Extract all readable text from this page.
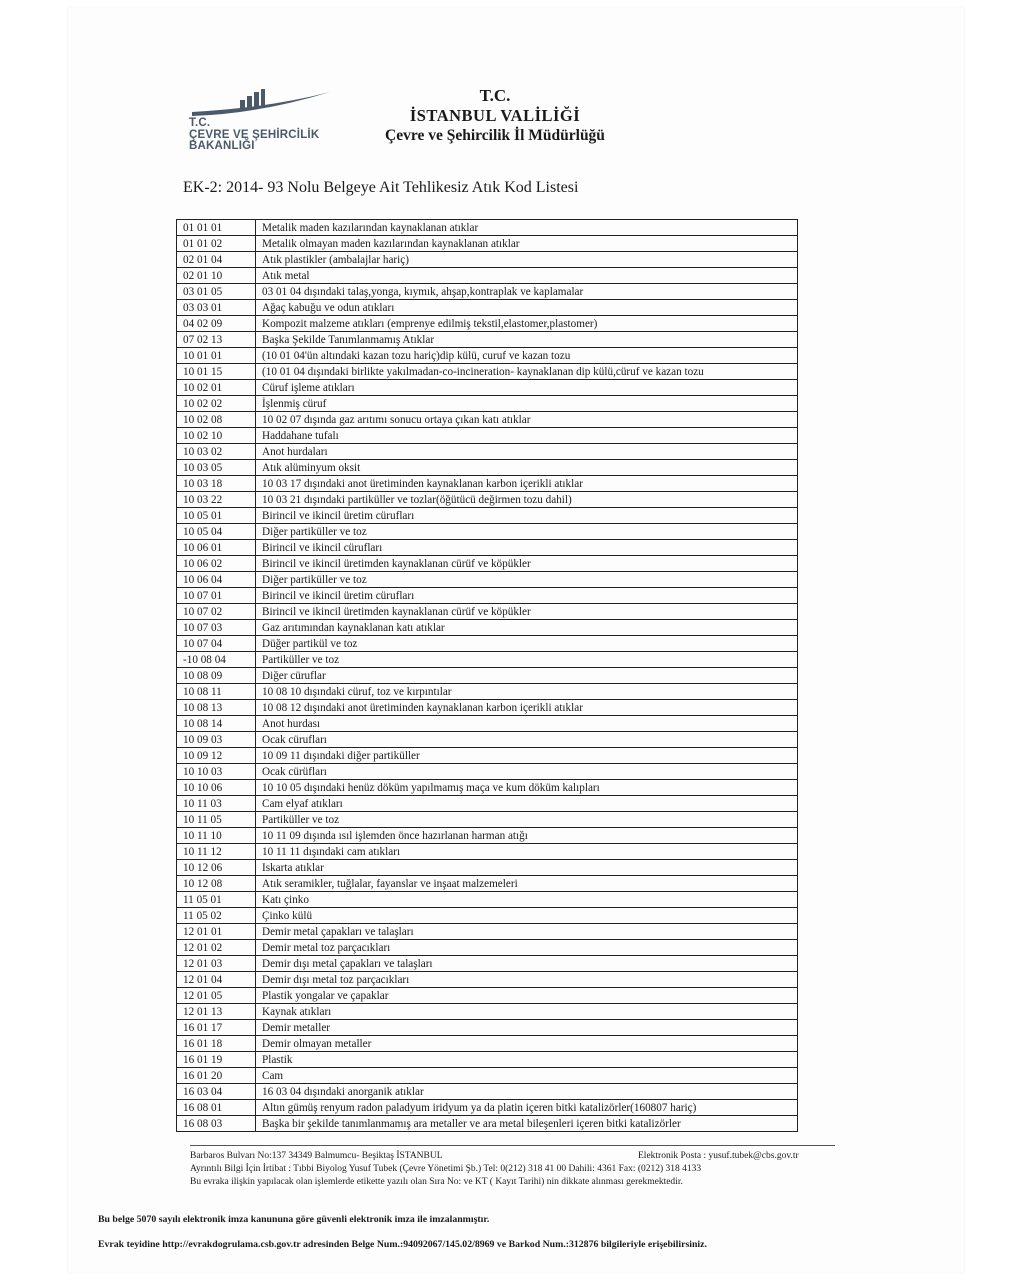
T.C.
ÇEVRE VE ŞEHİRCİLİK
BAKANLIĞI
T.C.
İSTANBUL VALİLİĞİ
Çevre ve Şehircilik İl Müdürlüğü
EK-2: 2014- 93 Nolu Belgeye Ait Tehlikesiz Atık Kod Listesi
01 01 01	Metalik maden kazılarından kaynaklanan atıklar
01 01 02	Metalik olmayan maden kazılarından kaynaklanan atıklar
02 01 04	Atık plastikler (ambalajlar hariç)
02 01 10	Atık metal
03 01 05	03 01 04 dışındaki talaş,yonga, kıymık, ahşap,kontraplak ve kaplamalar
03 03 01	Ağaç kabuğu ve odun atıkları
04 02 09	Kompozit malzeme atıkları (emprenye edilmiş tekstil,elastomer,plastomer)
07 02 13	Başka Şekilde Tanımlanmamış Atıklar
10 01 01	(10 01 04'ün altındaki kazan tozu hariç)dip külü, curuf ve kazan tozu
10 01 15	(10 01 04 dışındaki birlikte yakılmadan-co-incineration- kaynaklanan dip külü,cüruf ve kazan tozu
10 02 01	Cüruf işleme atıkları
10 02 02	İşlenmiş cüruf
10 02 08	10 02 07 dışında gaz arıtımı sonucu ortaya çıkan katı atıklar
10 02 10	Haddahane tufalı
10 03 02	Anot hurdaları
10 03 05	Atık alüminyum oksit
10 03 18	10 03 17 dışındaki anot üretiminden kaynaklanan karbon içerikli atıklar
10 03 22	10 03 21 dışındaki partiküller ve tozlar(öğütücü değirmen tozu dahil)
10 05 01	Birincil ve ikincil üretim cürufları
10 05 04	Diğer partiküller ve toz
10 06 01	Birincil ve ikincil cürufları
10 06 02	Birincil ve ikincil üretimden kaynaklanan cürüf ve köpükler
10 06 04	Diğer partiküller ve toz
10 07 01	Birincil ve ikincil üretim cürufları
10 07 02	Birincil ve ikincil üretimden kaynaklanan cürüf ve köpükler
10 07 03	Gaz arıtımından kaynaklanan katı atıklar
10 07 04	Düğer partikül ve toz
-10 08 04	Partiküller ve toz
10 08 09	Diğer cüruflar
10 08 11	10 08 10 dışındaki cüruf, toz ve kırpıntılar
10 08 13	10 08 12 dışındaki anot üretiminden kaynaklanan karbon içerikli atıklar
10 08 14	Anot hurdası
10 09 03	Ocak cürufları
10 09 12	10 09 11 dışındaki diğer partiküller
10 10 03	Ocak cürüfları
10 10 06	10 10 05 dışındaki henüz döküm yapılmamış maça ve kum döküm kalıpları
10 11 03	Cam elyaf atıkları
10 11 05	Partiküller ve toz
10 11 10	10 11 09 dışında ısıl işlemden önce hazırlanan harman atığı
10 11 12	10 11 11 dışındaki cam atıkları
10 12 06	Iskarta atıklar
10 12 08	Atık seramikler, tuğlalar, fayanslar ve inşaat malzemeleri
11 05 01	Katı çinko
11 05 02	Çinko külü
12 01 01	Demir metal çapakları ve talaşları
12 01 02	Demir metal toz parçacıkları
12 01 03	Demir dışı metal çapakları ve talaşları
12 01 04	Demir dışı metal toz parçacıkları
12 01 05	Plastik yongalar ve çapaklar
12 01 13	Kaynak atıkları
16 01 17	Demir metaller
16 01 18	Demir olmayan metaller
16 01 19	Plastik
16 01 20	Cam
16 03 04	16 03 04 dışındaki anorganik atıklar
16 08 01	Altın gümüş renyum radon paladyum iridyum ya da platin içeren bitki katalizörler(160807 hariç)
16 08 03	Başka bir şekilde tanımlanmamış ara metaller ve ara metal bileşenleri içeren bitki katalizörler
Barbaros Bulvarı No:137 34349 Balmumcu- Beşiktaş İSTANBUL	Elektronik Posta : yusuf.tubek@cbs.gov.tr
Ayrıntılı Bilgi İçin İrtibat : Tıbbi Biyolog Yusuf Tubek (Çevre Yönetimi Şb.) Tel: 0(212) 318 41 00 Dahili: 4361 Fax: (0212) 318 4133
Bu evraka ilişkin yapılacak olan işlemlerde etikette yazılı olan Sıra No: ve KT ( Kayıt Tarihi) nin dikkate alınması gerekmektedir.
Bu belge 5070 sayılı elektronik imza kanununa göre güvenli elektronik imza ile imzalanmıştır.
Evrak teyidine http://evrakdogrulama.csb.gov.tr adresinden Belge Num.:94092067/145.02/8969 ve Barkod Num.:312876 bilgileriyle erişebilirsiniz.
